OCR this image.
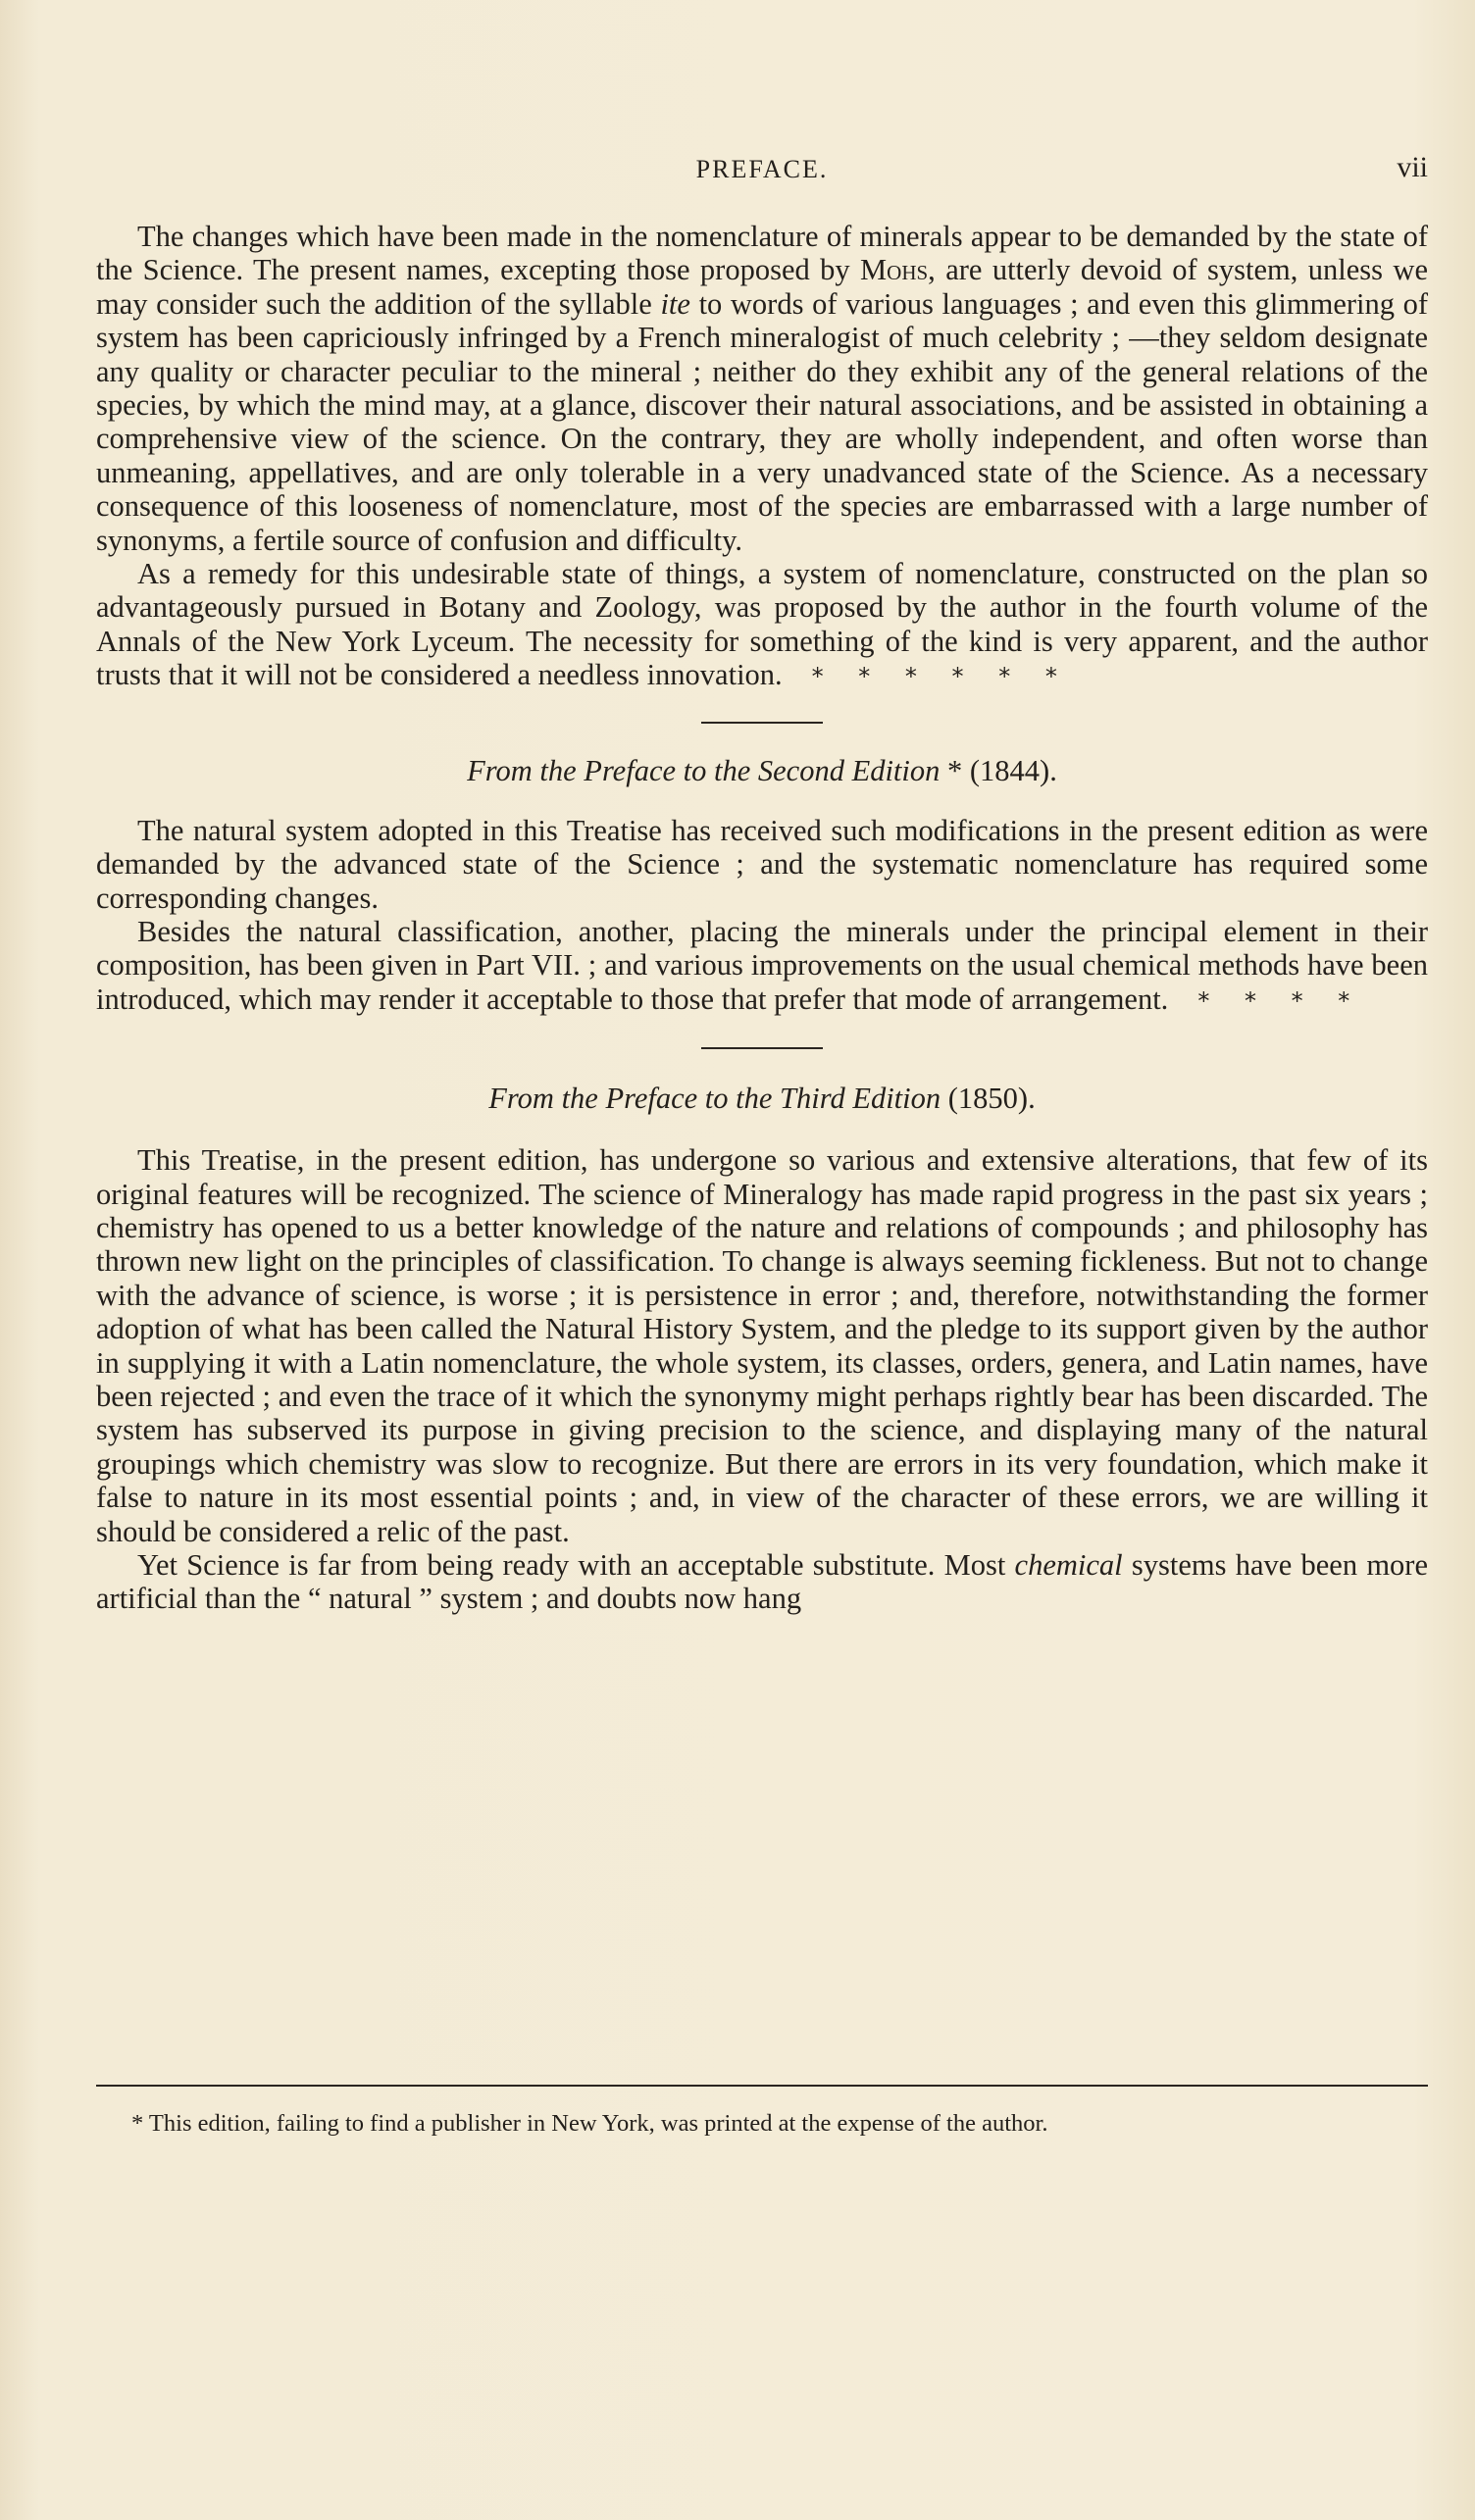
PREFACE.	vii

The changes which have been made in the nomenclature of minerals appear to be demanded by the state of the Science. The present names, excepting those proposed by Mohs, are utterly devoid of system, unless we may consider such the addition of the syllable ite to words of various languages ; and even this glimmering of system has been capriciously infringed by a French mineralogist of much celebrity ; —they seldom designate any quality or character peculiar to the mineral ; neither do they exhibit any of the general relations of the species, by which the mind may, at a glance, discover their natural associations, and be assisted in obtaining a comprehensive view of the science. On the contrary, they are wholly independent, and often worse than unmeaning, appellatives, and are only tolerable in a very unadvanced state of the Science. As a necessary consequence of this looseness of nomenclature, most of the species are embarrassed with a large number of synonyms, a fertile source of confusion and difficulty.

As a remedy for this undesirable state of things, a system of nomenclature, constructed on the plan so advantageously pursued in Botany and Zoology, was proposed by the author in the fourth volume of the Annals of the New York Lyceum. The necessity for something of the kind is very apparent, and the author trusts that it will not be considered a needless innovation. * * * * * *

From the Preface to the Second Edition * (1844).

The natural system adopted in this Treatise has received such modifications in the present edition as were demanded by the advanced state of the Science ; and the systematic nomenclature has required some corresponding changes.

Besides the natural classification, another, placing the minerals under the principal element in their composition, has been given in Part VII. ; and various improvements on the usual chemical methods have been introduced, which may render it acceptable to those that prefer that mode of arrangement. * * * *

From the Preface to the Third Edition (1850).

This Treatise, in the present edition, has undergone so various and extensive alterations, that few of its original features will be recognized. The science of Mineralogy has made rapid progress in the past six years ; chemistry has opened to us a better knowledge of the nature and relations of compounds ; and philosophy has thrown new light on the principles of classification. To change is always seeming fickleness. But not to change with the advance of science, is worse ; it is persistence in error ; and, therefore, notwithstanding the former adoption of what has been called the Natural History System, and the pledge to its support given by the author in supplying it with a Latin nomenclature, the whole system, its classes, orders, genera, and Latin names, have been rejected ; and even the trace of it which the synonymy might perhaps rightly bear has been discarded. The system has subserved its purpose in giving precision to the science, and displaying many of the natural groupings which chemistry was slow to recognize. But there are errors in its very foundation, which make it false to nature in its most essential points ; and, in view of the character of these errors, we are willing it should be considered a relic of the past.

Yet Science is far from being ready with an acceptable substitute. Most chemical systems have been more artificial than the “ natural ” system ; and doubts now hang

* This edition, failing to find a publisher in New York, was printed at the expense of the author.
